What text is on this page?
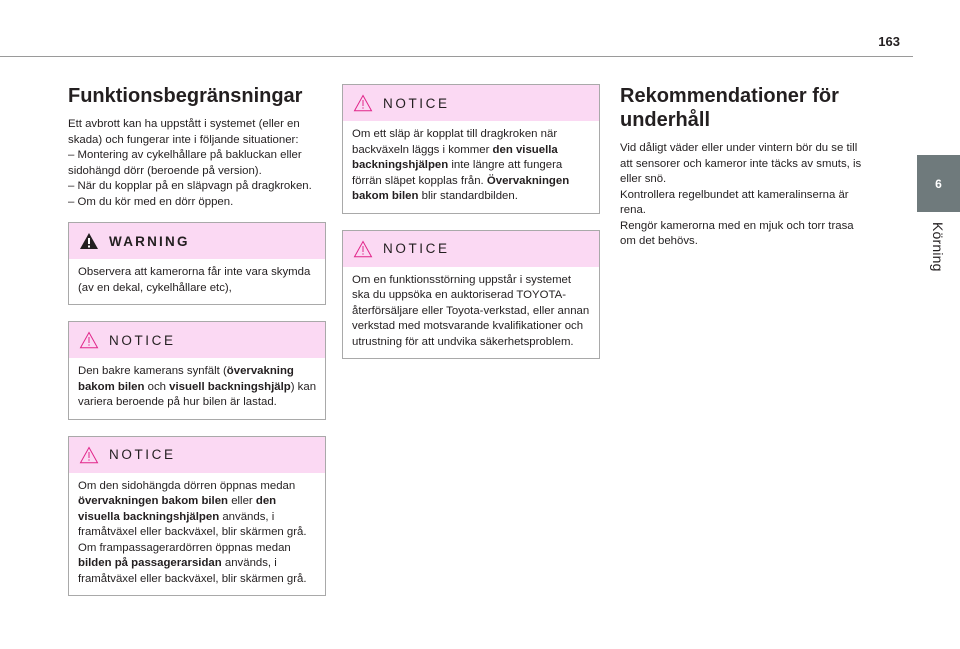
163
6
Körning
Funktionsbegränsningar

Ett avbrott kan ha uppstått i systemet (eller en skada) och fungerar inte i följande situationer:

– Montering av cykelhållare på bakluckan eller sidohängd dörr (beroende på version).

– När du kopplar på en släpvagn på dragkroken.

– Om du kör med en dörr öppen.

WARNING
Observera att kamerorna får inte vara skymda (av en dekal, cykelhållare etc),
NOTICE
Den bakre kamerans synfält (övervakning bakom bilen och visuell backningshjälp) kan variera beroende på hur bilen är lastad.
NOTICE
Om den sidohängda dörren öppnas medan övervakningen bakom bilen eller den visuella backningshjälpen används, i framåtväxel eller backväxel, blir skärmen grå.
Om frampassagerardörren öppnas medan bilden på passagerarsidan används, i framåtväxel eller backväxel, blir skärmen grå.
NOTICE
Om ett släp är kopplat till dragkroken när backväxeln läggs i kommer den visuella backningshjälpen inte längre att fungera förrän släpet kopplas från. Övervakningen bakom bilen blir standardbilden.
NOTICE
Om en funktionsstörning uppstår i systemet ska du uppsöka en auktoriserad TOYOTA-återförsäljare eller Toyota-verkstad, eller annan verkstad med motsvarande kvalifikationer och utrustning för att undvika säkerhetsproblem.
Rekommendationer för underhåll

Vid dåligt väder eller under vintern bör du se till att sensorer och kameror inte täcks av smuts, is eller snö.

Kontrollera regelbundet att kameralinserna är rena.

Rengör kamerorna med en mjuk och torr trasa om det behövs.
